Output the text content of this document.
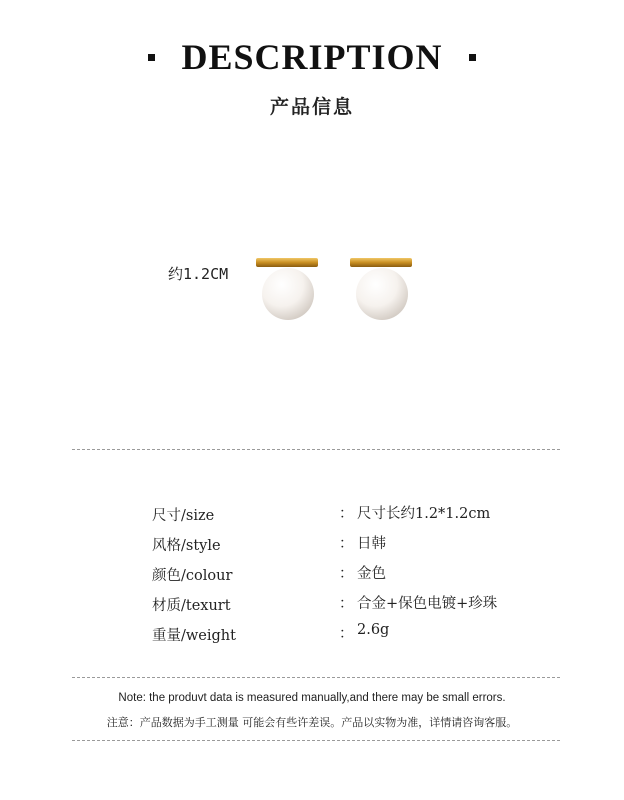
DESCRIPTION
产品信息
约1.2CM
尺寸/size	： 尺寸长约1.2*1.2cm
风格/style	： 日韩
颜色/colour	： 金色
材质/texurt	： 合金+保色电镀+珍珠
重量/weight	： 2.6g
Note: the produvt data is measured manually,and there may be small errors.
注意：产品数据为手工测量 可能会有些许差误。产品以实物为准，详情请咨询客服。
